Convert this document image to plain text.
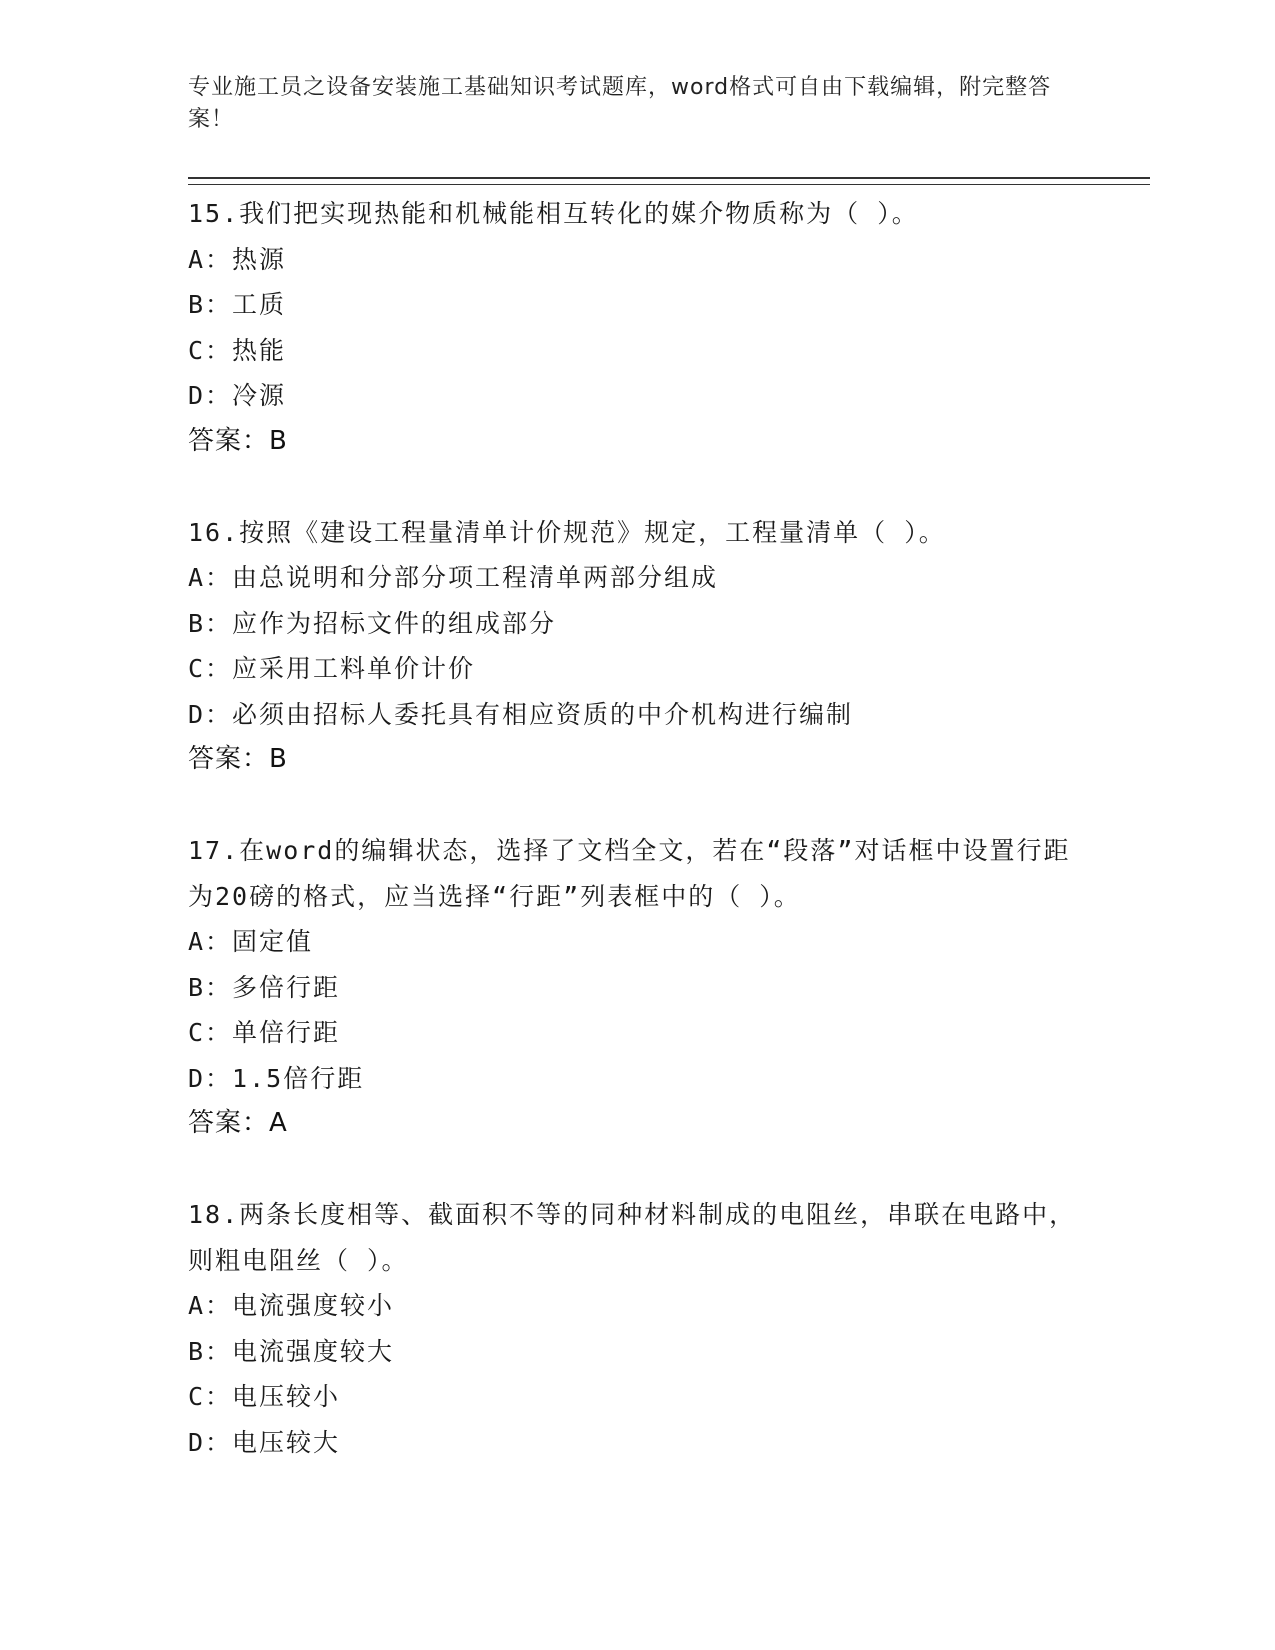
专业施工员之设备安装施工基础知识考试题库，word格式可自由下载编辑，附完整答案！

15.我们把实现热能和机械能相互转化的媒介物质称为（ ）。

A：热源

B：工质

C：热能

D：冷源

答案：B

16.按照《建设工程量清单计价规范》规定，工程量清单（ ）。

A：由总说明和分部分项工程清单两部分组成

B：应作为招标文件的组成部分

C：应采用工料单价计价

D：必须由招标人委托具有相应资质的中介机构进行编制

答案：B

17.在word的编辑状态，选择了文档全文，若在“段落”对话框中设置行距为20磅的格式，应当选择“行距”列表框中的（ ）。

A：固定值

B：多倍行距

C：单倍行距

D：1.5倍行距

答案：A

18.两条长度相等、截面积不等的同种材料制成的电阻丝，串联在电路中，则粗电阻丝（ ）。

A：电流强度较小

B：电流强度较大

C：电压较小

D：电压较大
